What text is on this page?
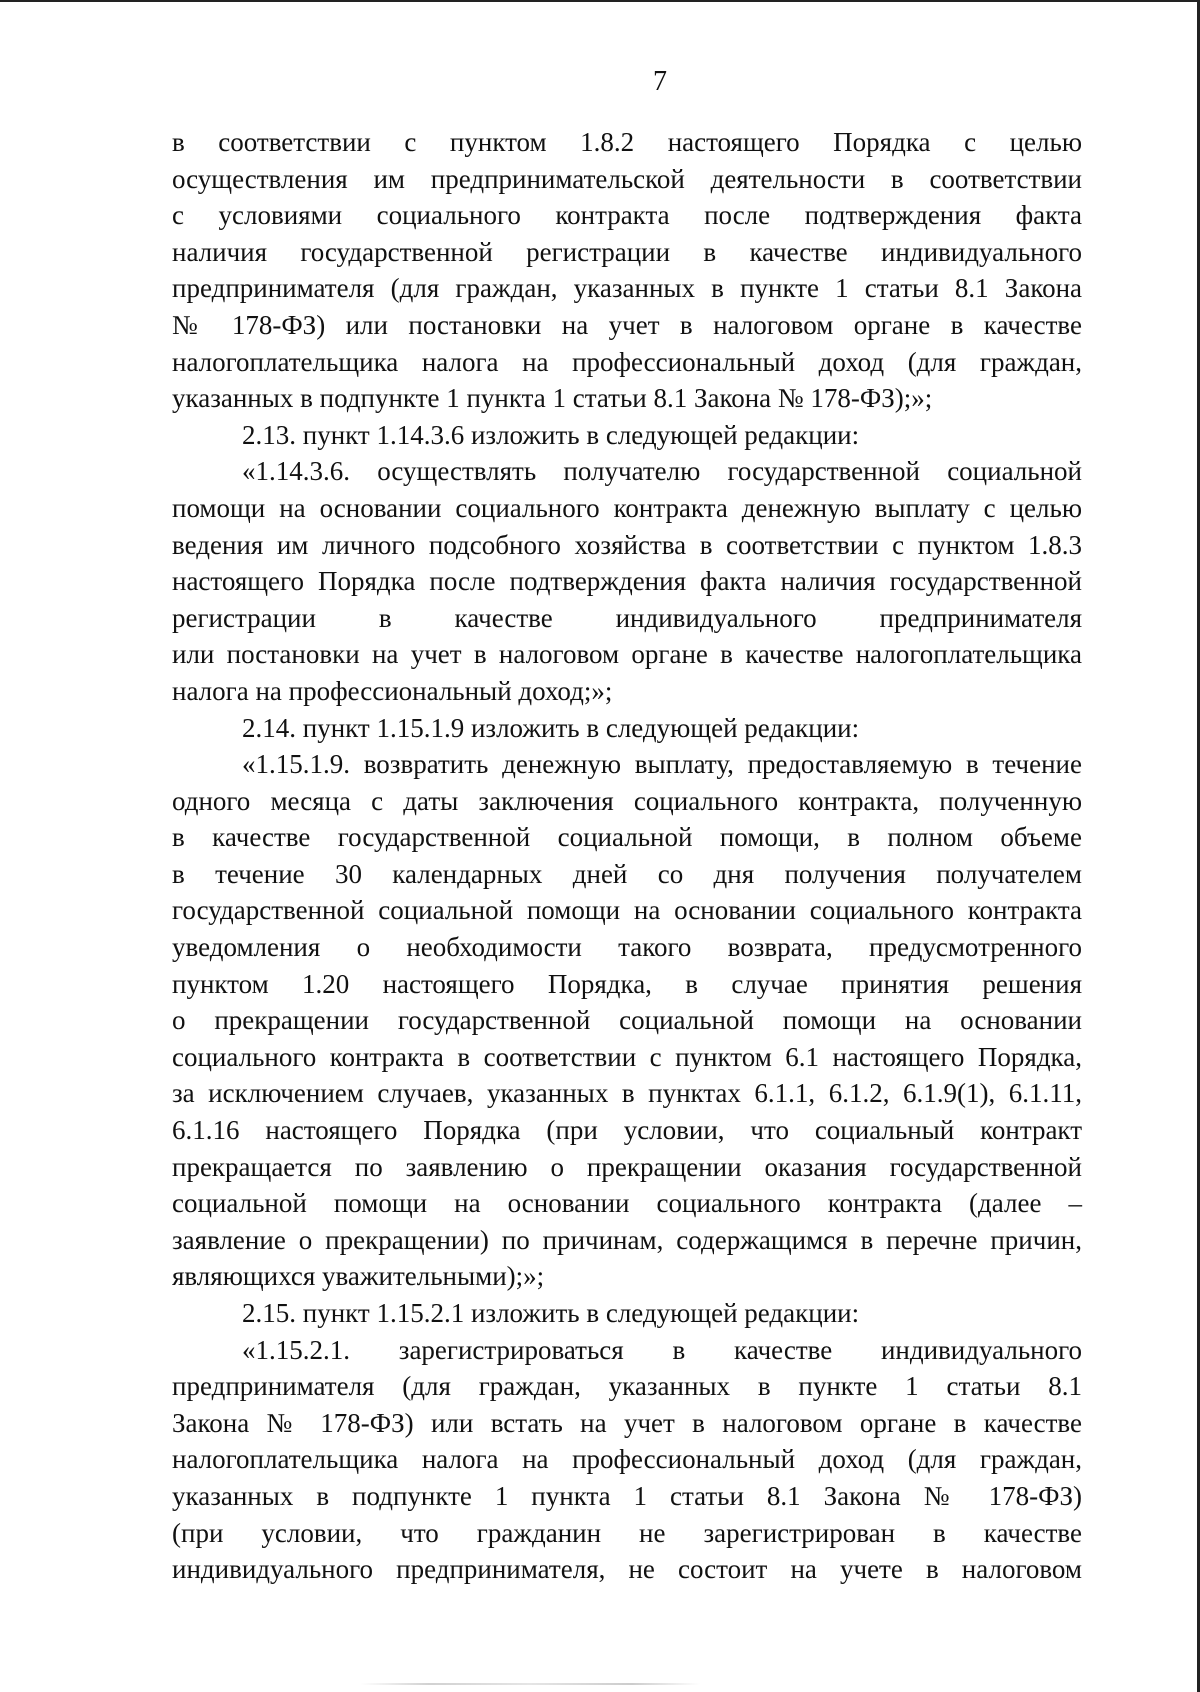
7

в соответствии с пунктом 1.8.2 настоящего Порядка с целью

осуществления им предпринимательской деятельности в соответствии

с условиями социального контракта после подтверждения факта

наличия государственной регистрации в качестве индивидуального

предпринимателя (для граждан, указанных в пункте 1 статьи 8.1 Закона

№ 178-ФЗ) или постановки на учет в налоговом органе в качестве

налогоплательщика налога на профессиональный доход (для граждан,

указанных в подпункте 1 пункта 1 статьи 8.1 Закона № 178-ФЗ);»;

2.13. пункт 1.14.3.6 изложить в следующей редакции:

«1.14.3.6. осуществлять получателю государственной социальной

помощи на основании социального контракта денежную выплату с целью

ведения им личного подсобного хозяйства в соответствии с пунктом 1.8.3

настоящего Порядка после подтверждения факта наличия государственной

регистрации в качестве индивидуального предпринимателя

или постановки на учет в налоговом органе в качестве налогоплательщика

налога на профессиональный доход;»;

2.14. пункт 1.15.1.9 изложить в следующей редакции:

«1.15.1.9. возвратить денежную выплату, предоставляемую в течение

одного месяца с даты заключения социального контракта, полученную

в качестве государственной социальной помощи, в полном объеме

в течение 30 календарных дней со дня получения получателем

государственной социальной помощи на основании социального контракта

уведомления о необходимости такого возврата, предусмотренного

пунктом 1.20 настоящего Порядка, в случае принятия решения

о прекращении государственной социальной помощи на основании

социального контракта в соответствии с пунктом 6.1 настоящего Порядка,

за исключением случаев, указанных в пунктах 6.1.1, 6.1.2, 6.1.9(1), 6.1.11,

6.1.16 настоящего Порядка (при условии, что социальный контракт

прекращается по заявлению о прекращении оказания государственной

социальной помощи на основании социального контракта (далее –

заявление о прекращении) по причинам, содержащимся в перечне причин,

являющихся уважительными);»;

2.15. пункт 1.15.2.1 изложить в следующей редакции:

«1.15.2.1. зарегистрироваться в качестве индивидуального

предпринимателя (для граждан, указанных в пункте 1 статьи 8.1

Закона № 178-ФЗ) или встать на учет в налоговом органе в качестве

налогоплательщика налога на профессиональный доход (для граждан,

указанных в подпункте 1 пункта 1 статьи 8.1 Закона № 178-ФЗ)

(при условии, что гражданин не зарегистрирован в качестве

индивидуального предпринимателя, не состоит на учете в налоговом
